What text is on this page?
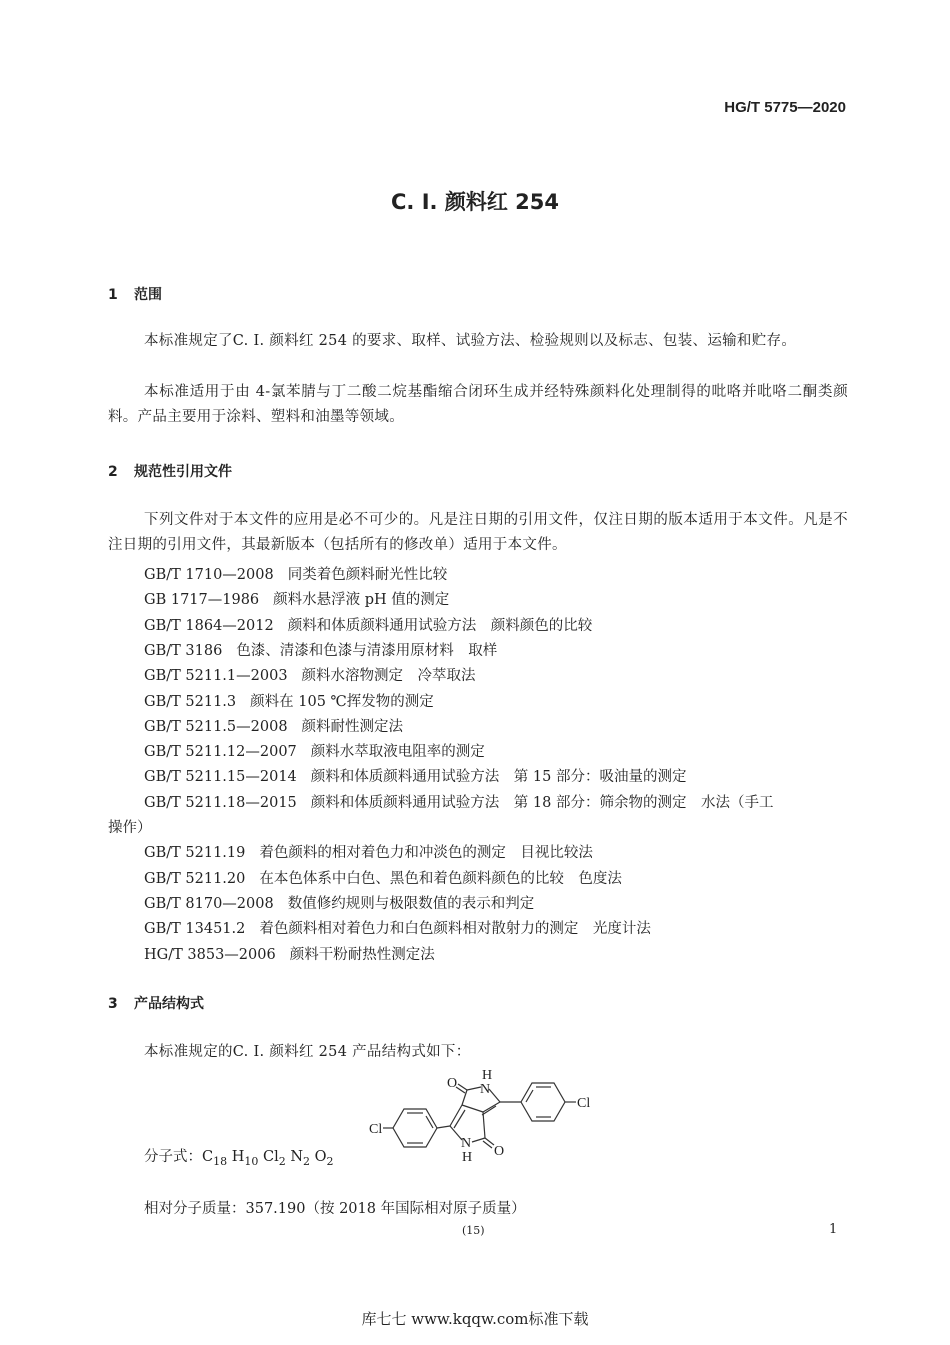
HG/T 5775—2020
C. I. 颜料红 254
1 范围
本标准规定了C. I. 颜料红 254 的要求、取样、试验方法、检验规则以及标志、包装、运输和贮存。
本标准适用于由 4-氯苯腈与丁二酸二烷基酯缩合闭环生成并经特殊颜料化处理制得的吡咯并吡咯二酮类颜料。产品主要用于涂料、塑料和油墨等领域。
2 规范性引用文件
下列文件对于本文件的应用是必不可少的。凡是注日期的引用文件，仅注日期的版本适用于本文件。凡是不注日期的引用文件，其最新版本（包括所有的修改单）适用于本文件。
GB/T 1710—2008 同类着色颜料耐光性比较
GB 1717—1986 颜料水悬浮液 pH 值的测定
GB/T 1864—2012 颜料和体质颜料通用试验方法　颜料颜色的比较
GB/T 3186 色漆、清漆和色漆与清漆用原材料　取样
GB/T 5211.1—2003 颜料水溶物测定　冷萃取法
GB/T 5211.3 颜料在 105 ℃挥发物的测定
GB/T 5211.5—2008 颜料耐性测定法
GB/T 5211.12—2007 颜料水萃取液电阻率的测定
GB/T 5211.15—2014 颜料和体质颜料通用试验方法　第 15 部分：吸油量的测定
GB/T 5211.18—2015 颜料和体质颜料通用试验方法　第 18 部分：筛余物的测定　水法（手工
操作）
GB/T 5211.19 着色颜料的相对着色力和冲淡色的测定　目视比较法
GB/T 5211.20 在本色体系中白色、黑色和着色颜料颜色的比较　色度法
GB/T 8170—2008 数值修约规则与极限数值的表示和判定
GB/T 13451.2 着色颜料相对着色力和白色颜料相对散射力的测定　光度计法
HG/T 3853—2006 颜料干粉耐热性测定法
3 产品结构式
本标准规定的C. I. 颜料红 254 产品结构式如下：
O N
H
Cl
N
H O
Cl
分子式：$C_{18}$ $H_{10}$ $Cl_2$ $N_2$ $O_2$
相对分子质量：357.190（按 2018 年国际相对原子质量）
(15)	1
库七七 www.kqqw.com标准下载
